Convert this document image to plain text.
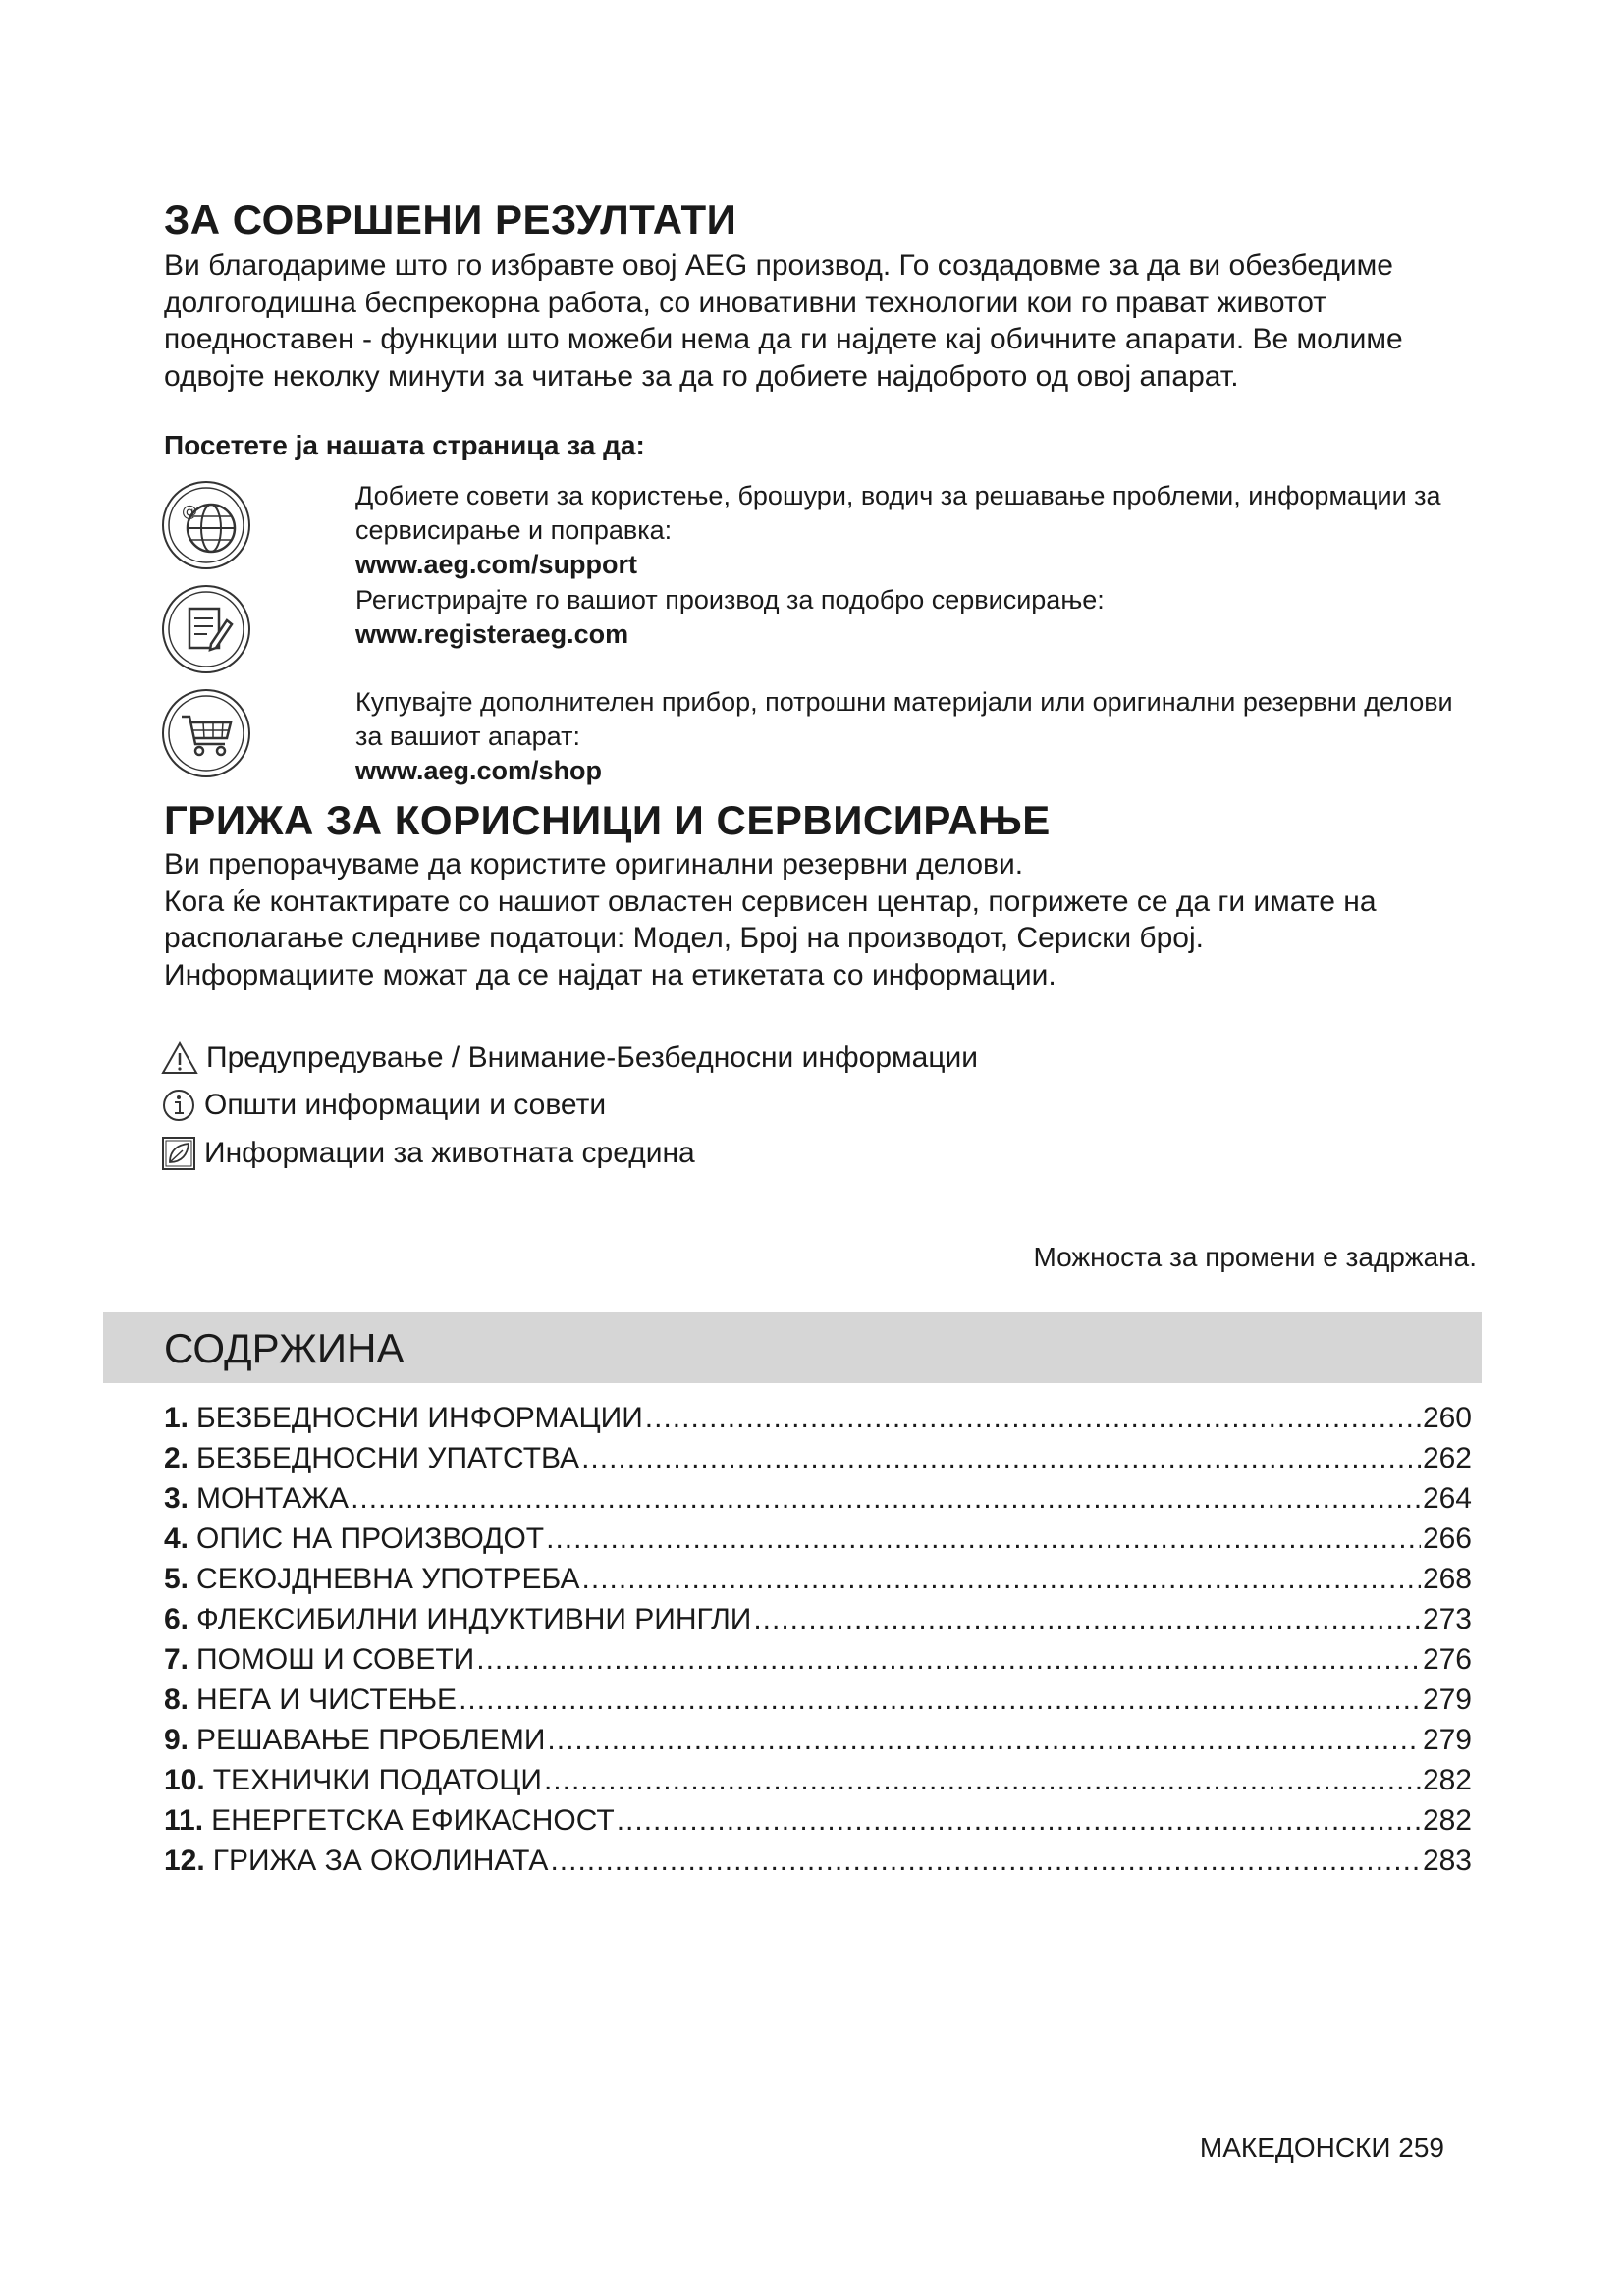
ЗА СОВРШЕНИ РЕЗУЛТАТИ

Ви благодариме што го избравте овој AEG производ. Го создадовме за да ви обезбедиме долгогодишна беспрекорна работа, со иновативни технологии кои го прават животот поедноставен - функции што можеби нема да ги најдете кај обичните апарати. Ве молиме одвојте неколку минути за читање за да го добиете најдоброто од овој апарат.

Посетете ја нашата страница за да:

@
Добиете совети за користење, брошури, водич за решавање проблеми, информации за сервисирање и поправка:
www.aeg.com/support
Регистрирајте го вашиот производ за подобро сервисирање:
www.registeraeg.com
Купувајте дополнителен прибор, потрошни материјали или оригинални резервни делови за вашиот апарат:
www.aeg.com/shop
ГРИЖА ЗА КОРИСНИЦИ И СЕРВИСИРАЊЕ
Ви препорачуваме да користите оригинални резервни делови.
Кога ќе контактирате со нашиот овластен сервисен центар, погрижете се да ги имате на располагање следниве податоци: Модел, Број на производот, Сериски број.
Информациите можат да се најдат на етикетата со информации.
Предупредување / Внимание-Безбедносни информации
Општи информации и совети
Информации за животната средина
Можноста за промени е задржана.
СОДРЖИНА
1. БЕЗБЕДНОСНИ ИНФОРМАЦИИ .....	260
2. БЕЗБЕДНОСНИ УПАТСТВА .....	262
3. МОНТАЖА .....	264
4. ОПИС НА ПРОИЗВОДОТ .....	266
5. СЕКОЈДНЕВНА УПОТРЕБА .....	268
6. ФЛЕКСИБИЛНИ ИНДУКТИВНИ РИНГЛИ .....	273
7. ПОМОШ И СОВЕТИ .....	276
8. НЕГА И ЧИСТЕЊЕ .....	279
9. РЕШАВАЊЕ ПРОБЛЕМИ .....	279
10. ТЕХНИЧКИ ПОДАТОЦИ .....	282
11. ЕНЕРГЕТСКА ЕФИКАСНОСТ .....	282
12. ГРИЖА ЗА ОКОЛИНАТА .....	283
МАКЕДОНСКИ 259
